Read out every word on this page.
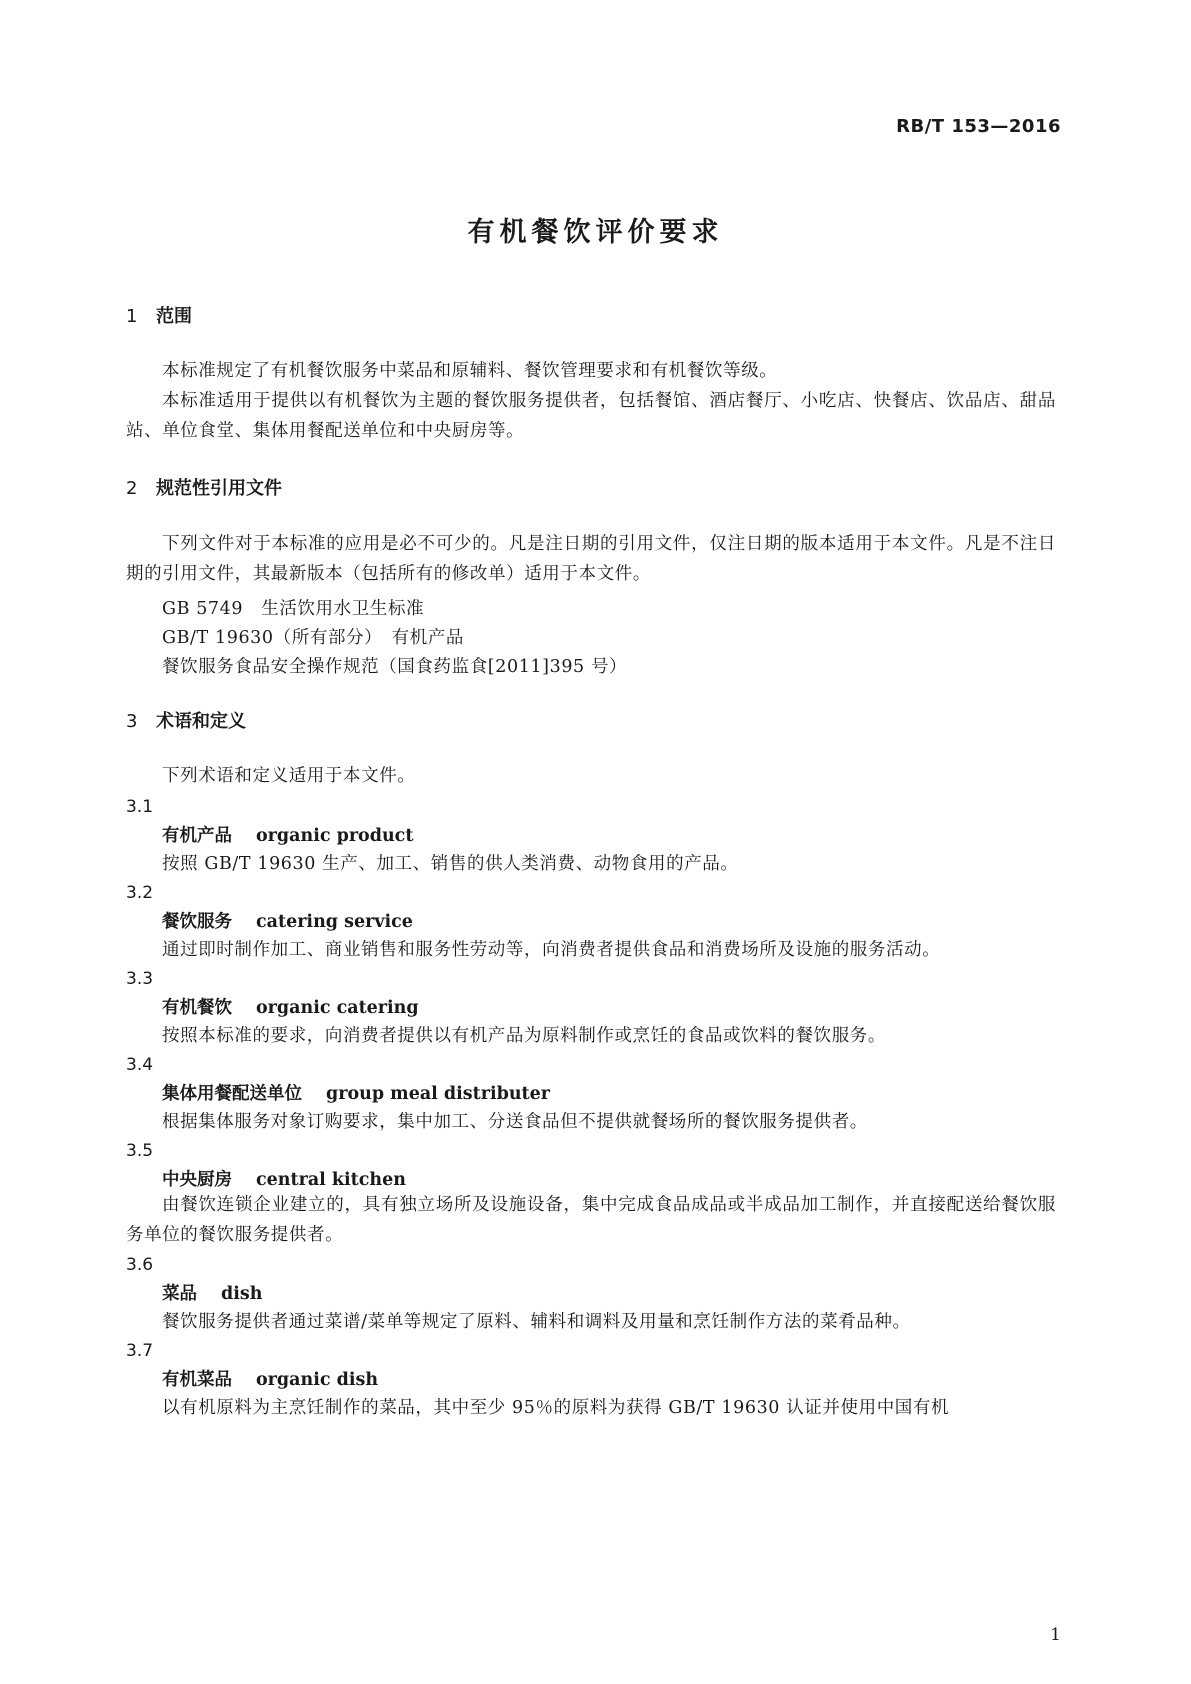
RB/T 153—2016
有机餐饮评价要求
1 范围
本标准规定了有机餐饮服务中菜品和原辅料、餐饮管理要求和有机餐饮等级。
本标准适用于提供以有机餐饮为主题的餐饮服务提供者，包括餐馆、酒店餐厅、小吃店、快餐店、饮品店、甜品站、单位食堂、集体用餐配送单位和中央厨房等。
2 规范性引用文件
下列文件对于本标准的应用是必不可少的。凡是注日期的引用文件，仅注日期的版本适用于本文件。凡是不注日期的引用文件，其最新版本（包括所有的修改单）适用于本文件。
GB 5749　生活饮用水卫生标准
GB/T 19630（所有部分）　有机产品
餐饮服务食品安全操作规范（国食药监食[2011]395 号）
3 术语和定义
下列术语和定义适用于本文件。
3.1
有机产品 organic product
按照 GB/T 19630 生产、加工、销售的供人类消费、动物食用的产品。
3.2
餐饮服务 catering service
通过即时制作加工、商业销售和服务性劳动等，向消费者提供食品和消费场所及设施的服务活动。
3.3
有机餐饮 organic catering
按照本标准的要求，向消费者提供以有机产品为原料制作或烹饪的食品或饮料的餐饮服务。
3.4
集体用餐配送单位 group meal distributer
根据集体服务对象订购要求，集中加工、分送食品但不提供就餐场所的餐饮服务提供者。
3.5
中央厨房 central kitchen
由餐饮连锁企业建立的，具有独立场所及设施设备，集中完成食品成品或半成品加工制作，并直接配送给餐饮服务单位的餐饮服务提供者。
3.6
菜品 dish
餐饮服务提供者通过菜谱/菜单等规定了原料、辅料和调料及用量和烹饪制作方法的菜肴品种。
3.7
有机菜品 organic dish
以有机原料为主烹饪制作的菜品，其中至少 95％的原料为获得 GB/T 19630 认证并使用中国有机
1
